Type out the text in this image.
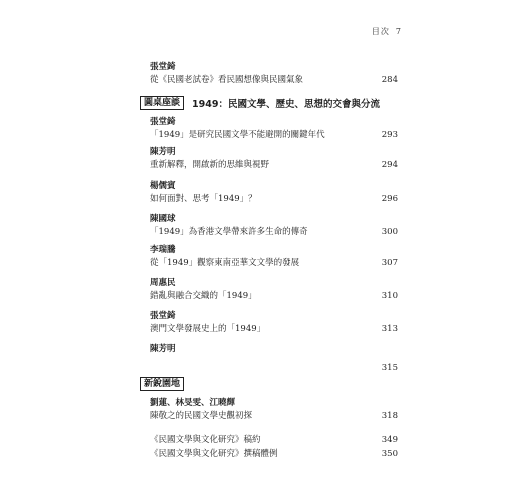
目次 7
張堂錡
從《民國老試卷》看民國想像與民國氣象	284
圓桌座談	1949：民國文學、歷史、思想的交會與分流
張堂錡
「1949」是研究民國文學不能避開的關鍵年代	293
陳芳明
重新解釋，開啟新的思維與視野	294
楊儒賓
如何面對、思考「1949」？	296
陳國球
「1949」為香港文學帶來許多生命的傳奇	300
李瑞騰
從「1949」觀察東南亞華文文學的發展	307
周惠民
錯亂與融合交織的「1949」	310
張堂錡
澳門文學發展史上的「1949」	313
陳芳明
315
新銳園地
劉蓮、林旻雯、江曉輝
陳敬之的民國文學史觀初探	318
《民國文學與文化研究》稿約	349
《民國文學與文化研究》撰稿體例	350
